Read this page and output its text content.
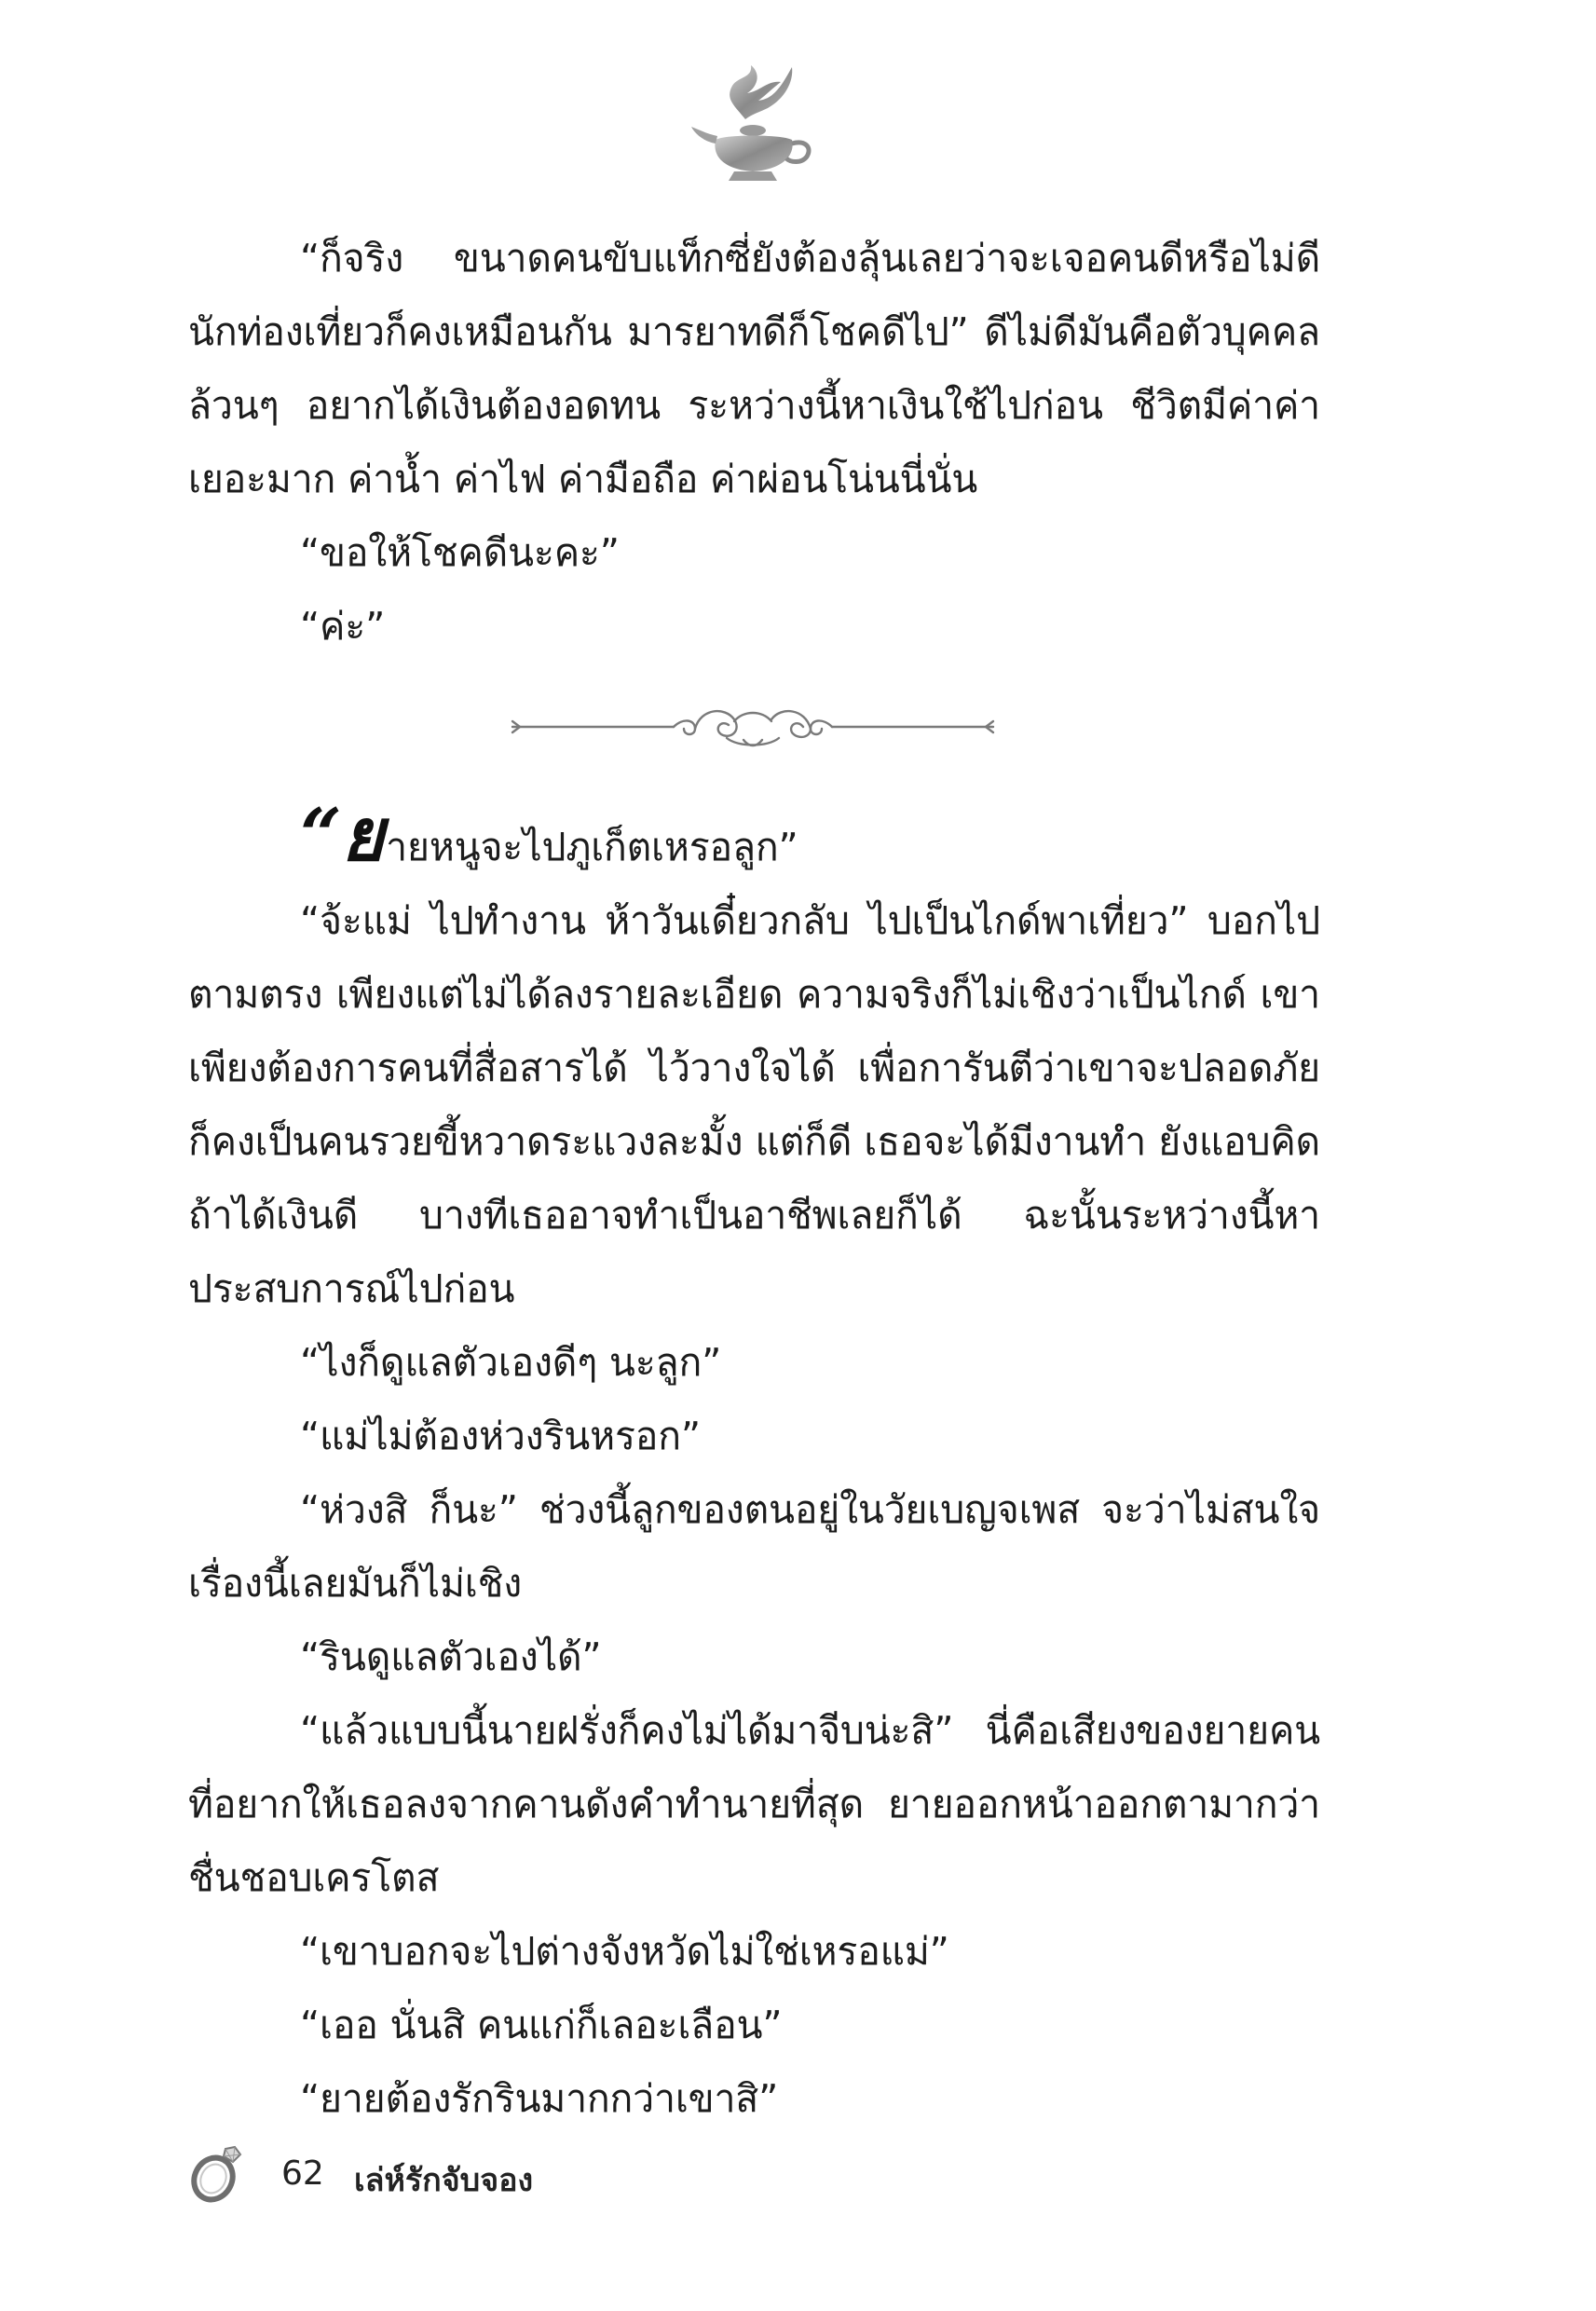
“ก็จริง ขนาดคนขับแท็กซี่ยังต้องลุ้นเลยว่าจะเจอคนดีหรือไม่ดี นักท่องเที่ยวก็คงเหมือนกัน มารยาทดีก็โชคดีไป” ดีไม่ดีมันคือตัวบุคคลล้วนๆ อยากได้เงินต้องอดทน ระหว่างนี้หาเงินใช้ไปก่อน ชีวิตมีค่าค่าเยอะมาก ค่าน้ำ ค่าไฟ ค่ามือถือ ค่าผ่อนโน่นนี่นั่น

“ขอให้โชคดีนะคะ”

“ค่ะ”

“ยายหนูจะไปภูเก็ตเหรอลูก”

“จ้ะแม่ ไปทำงาน ห้าวันเดี๋ยวกลับ ไปเป็นไกด์พาเที่ยว” บอกไปตามตรง เพียงแต่ไม่ได้ลงรายละเอียด ความจริงก็ไม่เชิงว่าเป็นไกด์ เขาเพียงต้องการคนที่สื่อสารได้ ไว้วางใจได้ เพื่อการันตีว่าเขาจะปลอดภัย ก็คงเป็นคนรวยขี้หวาดระแวงละมั้ง แต่ก็ดี เธอจะได้มีงานทำ ยังแอบคิด ถ้าได้เงินดี บางทีเธออาจทำเป็นอาชีพเลยก็ได้ ฉะนั้นระหว่างนี้หาประสบการณ์ไปก่อน

“ไงก็ดูแลตัวเองดีๆ นะลูก”

“แม่ไม่ต้องห่วงรินหรอก”

“ห่วงสิ ก็นะ” ช่วงนี้ลูกของตนอยู่ในวัยเบญจเพส จะว่าไม่สนใจเรื่องนี้เลยมันก็ไม่เชิง

“รินดูแลตัวเองได้”

“แล้วแบบนี้นายฝรั่งก็คงไม่ได้มาจีบน่ะสิ” นี่คือเสียงของยายคนที่อยากให้เธอลงจากคานดังคำทำนายที่สุด ยายออกหน้าออกตามากว่าชื่นชอบเครโตส

“เขาบอกจะไปต่างจังหวัดไม่ใช่เหรอแม่”

“เออ นั่นสิ คนแก่ก็เลอะเลือน”

“ยายต้องรักรินมากกว่าเขาสิ”

62 เล่ห์รักจับจอง
